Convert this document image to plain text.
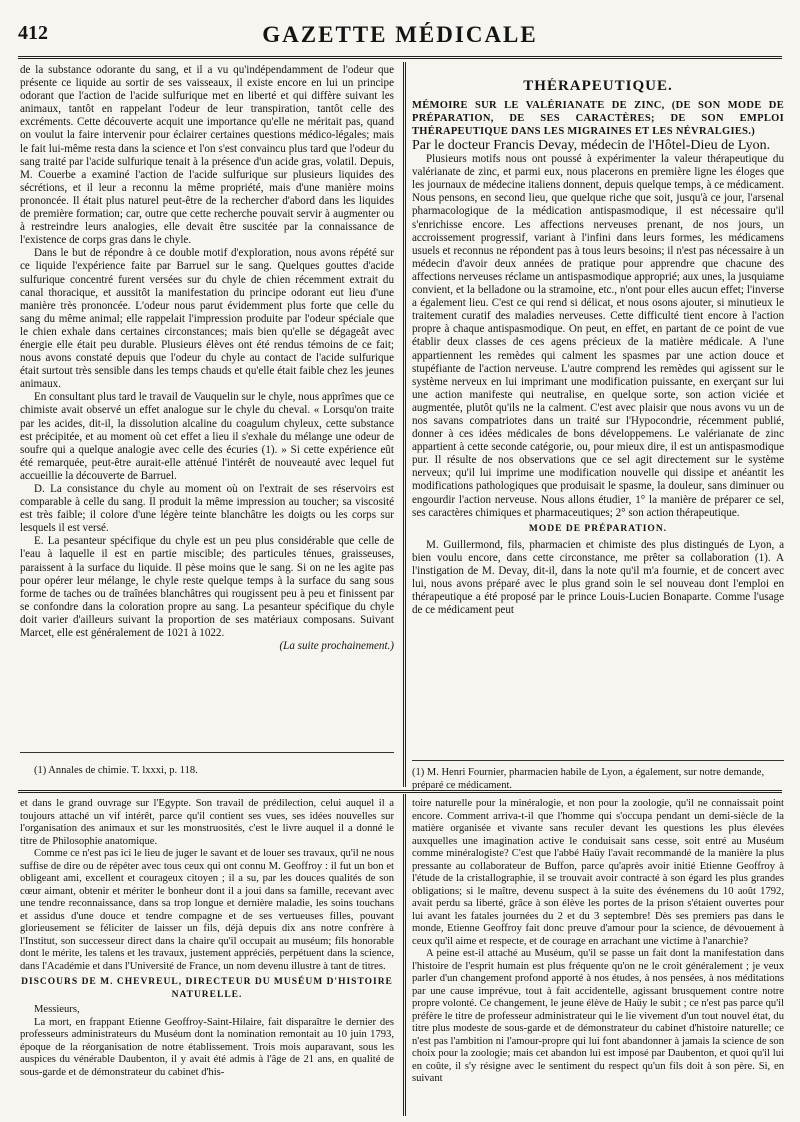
412	GAZETTE MÉDICALE

de la substance odorante du sang, et il a vu qu'indépendamment de l'odeur que présente ce liquide au sortir de ses vaisseaux, il existe encore en lui un principe odorant que l'action de l'acide sulfurique met en liberté et qui diffère suivant les animaux, tantôt en rappelant l'odeur de leur transpiration, tantôt celle des excréments. Cette découverte acquit une importance qu'elle ne méritait pas, quand on voulut la faire intervenir pour éclairer certaines questions médico-légales; mais le fait lui-même resta dans la science et l'on s'est convaincu plus tard que l'odeur du sang traité par l'acide sulfurique tenait à la présence d'un acide gras, volatil. Depuis, M. Couerbe a examiné l'action de l'acide sulfurique sur plusieurs liquides des sécrétions, et il leur a reconnu la même propriété, mais d'une manière moins prononcée. Il était plus naturel peut-être de la rechercher d'abord dans les liquides de première formation; car, outre que cette recherche pouvait servir à augmenter ou à restreindre leurs analogies, elle devait être suscitée par la connaissance de l'existence de corps gras dans le chyle.

Dans le but de répondre à ce double motif d'exploration, nous avons répété sur ce liquide l'expérience faite par Barruel sur le sang. Quelques gouttes d'acide sulfurique concentré furent versées sur du chyle de chien récemment extrait du canal thoracique, et aussitôt la manifestation du principe odorant eut lieu d'une manière très prononcée. L'odeur nous parut évidemment plus forte que celle du sang du même animal; elle rappelait l'impression produite par l'odeur spéciale que le chien exhale dans certaines circonstances; mais bien qu'elle se dégageât avec énergie elle était peu durable. Plusieurs élèves ont été rendus témoins de ce fait; nous avons constaté depuis que l'odeur du chyle au contact de l'acide sulfurique était surtout très sensible dans les temps chauds et qu'elle était faible chez les jeunes animaux.

En consultant plus tard le travail de Vauquelin sur le chyle, nous apprîmes que ce chimiste avait observé un effet analogue sur le chyle du cheval. « Lorsqu'on traite par les acides, dit-il, la dissolution alcaline du coagulum chyleux, cette substance est précipitée, et au moment où cet effet a lieu il s'exhale du mélange une odeur de soufre qui a quelque analogie avec celle des écuries (1). » Si cette expérience eût été remarquée, peut-être aurait-elle atténué l'intérêt de nouveauté avec lequel fut accueillie la découverte de Barruel.

D. La consistance du chyle au moment où on l'extrait de ses réservoirs est comparable à celle du sang. Il produit la même impression au toucher; sa viscosité est très faible; il colore d'une légère teinte blanchâtre les doigts ou les corps sur lesquels il est versé.

E. La pesanteur spécifique du chyle est un peu plus considérable que celle de l'eau à laquelle il est en partie miscible; des particules ténues, graisseuses, paraissent à la surface du liquide. Il pèse moins que le sang. Si on ne les agite pas pour opérer leur mélange, le chyle reste quelque temps à la surface du sang sous forme de taches ou de traînées blanchâtres qui rougissent peu à peu et finissent par se confondre dans la coloration propre au sang. La pesanteur spécifique du chyle doit varier d'ailleurs suivant la proportion de ses matériaux composans. Suivant Marcet, elle est généralement de 1021 à 1022.

(La suite prochainement.)

(1) Annales de chimie. T. lxxxi, p. 118.
THÉRAPEUTIQUE.

MÉMOIRE SUR LE VALÉRIANATE DE ZINC, (DE SON MODE DE PRÉPARATION, DE SES CARACTÈRES; DE SON EMPLOI THÉRAPEUTIQUE DANS LES MIGRAINES ET LES NÉVRALGIES.)

Par le docteur Francis Devay, médecin de l'Hôtel-Dieu de Lyon.

Plusieurs motifs nous ont poussé à expérimenter la valeur thérapeutique du valérianate de zinc, et parmi eux, nous placerons en première ligne les éloges que les journaux de médecine italiens donnent, depuis quelque temps, à ce médicament. Nous pensons, en second lieu, que quelque riche que soit, jusqu'à ce jour, l'arsenal pharmacologique de la médication antispasmodique, il est nécessaire qu'il s'enrichisse encore. Les affections nerveuses prenant, de nos jours, un accroissement progressif, variant à l'infini dans leurs formes, les médicamens usuels et reconnus ne répondent pas à tous leurs besoins; il n'est pas nécessaire à un médecin d'avoir deux années de pratique pour apprendre que chacune des affections nerveuses réclame un antispasmodique approprié; aux unes, la jusquiame convient, et la belladone ou la stramoine, etc., n'ont pour elles aucun effet; l'inverse a également lieu. C'est ce qui rend si délicat, et nous osons ajouter, si minutieux le traitement curatif des maladies nerveuses. Cette difficulté tient encore à l'action propre à chaque antispasmodique. On peut, en effet, en partant de ce point de vue établir deux classes de ces agens précieux de la matière médicale. A l'une appartiennent les remèdes qui calment les spasmes par une action douce et stupéfiante de l'action nerveuse. L'autre comprend les remèdes qui agissent sur le système nerveux en lui imprimant une modification puissante, en exerçant sur lui une action manifeste qui neutralise, en quelque sorte, son action viciée et augmentée, plutôt qu'ils ne la calment. C'est avec plaisir que nous avons vu un de nos savans compatriotes dans un traité sur l'Hypocondrie, récemment publié, donner à ces idées médicales de bons développemens. Le valérianate de zinc appartient à cette seconde catégorie, ou, pour mieux dire, il est un antispasmodique pur. Il résulte de nos observations que ce sel agit directement sur le système nerveux; qu'il lui imprime une modification nouvelle qui dissipe et anéantit les modifications pathologiques que produisait le spasme, la douleur, sans diminuer ou engourdir l'action nerveuse. Nous allons étudier, 1° la manière de préparer ce sel, ses caractères chimiques et pharmaceutiques; 2° son action thérapeutique.

MODE DE PRÉPARATION.

M. Guillermond, fils, pharmacien et chimiste des plus distingués de Lyon, a bien voulu encore, dans cette circonstance, me prêter sa collaboration (1). A l'instigation de M. Devay, dit-il, dans la note qu'il m'a fournie, et de concert avec lui, nous avons préparé avec le plus grand soin le sel nouveau dont l'emploi en thérapeutique a été proposé par le prince Louis-Lucien Bonaparte. Comme l'usage de ce médicament peut

(1) M. Henri Fournier, pharmacien habile de Lyon, a également, sur notre demande, préparé ce médicament.

et dans le grand ouvrage sur l'Égypte. Son travail de prédilection, celui auquel il a toujours attaché un vif intérêt, parce qu'il contient ses vues, ses idées nouvelles sur l'organisation des animaux et sur les monstruosités, c'est le livre auquel il a donné le titre de Philosophie anatomique.

Comme ce n'est pas ici le lieu de juger le savant et de louer ses travaux, qu'il ne nous suffise de dire ou de répéter avec tous ceux qui ont connu M. Geoffroy : il fut un bon et obligeant ami, excellent et courageux citoyen ; il a su, par les douces qualités de son cœur aimant, obtenir et mériter le bonheur dont il a joui dans sa famille, recevant avec une tendre reconnaissance, dans sa trop longue et dernière maladie, les soins touchans et assidus d'une douce et tendre compagne et de ses vertueuses filles, pouvant glorieusement se féliciter de laisser un fils, déjà depuis dix ans notre confrère à l'Institut, son successeur direct dans la chaire qu'il occupait au muséum; fils honorable dont le mérite, les talens et les travaux, justement appréciés, perpétuent dans la science, dans l'Académie et dans l'Université de France, un nom devenu illustre à tant de titres.

DISCOURS DE M. CHEVREUL, DIRECTEUR DU MUSÉUM D'HISTOIRE NATURELLE.

Messieurs,

La mort, en frappant Etienne Geoffroy-Saint-Hilaire, fait disparaître le dernier des professeurs administrateurs du Muséum dont la nomination remontait au 10 juin 1793, époque de la réorganisation de notre établissement. Trois mois auparavant, sous les auspices du vénérable Daubenton, il y avait été admis à l'âge de 21 ans, en qualité de sous-garde et de démonstrateur du cabinet d'his-

toire naturelle pour la minéralogie, et non pour la zoologie, qu'il ne connaissait point encore. Comment arriva-t-il que l'homme qui s'occupa pendant un demi-siècle de la matière organisée et vivante sans reculer devant les questions les plus élevées auxquelles une imagination active le conduisait sans cesse, soit entré au Muséum comme minéralogiste? C'est que l'abbé Haüy l'avait recommandé de la manière la plus pressante au collaborateur de Buffon, parce qu'après avoir initié Etienne Geoffroy à l'étude de la cristallographie, il se trouvait avoir contracté à son égard les plus grandes obligations; si le maître, devenu suspect à la suite des événemens du 10 août 1792, avait perdu sa liberté, grâce à son élève les portes de la prison s'étaient ouvertes pour lui avant les fatales journées du 2 et du 3 septembre! Dès ses premiers pas dans le monde, Etienne Geoffroy fait donc preuve d'amour pour la science, de dévouement à ceux qu'il aime et respecte, et de courage en arrachant une victime à l'anarchie?

A peine est-il attaché au Muséum, qu'il se passe un fait dont la manifestation dans l'histoire de l'esprit humain est plus fréquente qu'on ne le croit généralement ; je veux parler d'un changement profond apporté à nos études, à nos pensées, à nos méditations par une cause imprévue, tout à fait accidentelle, agissant brusquement contre notre propre volonté. Ce changement, le jeune élève de Haüy le subit ; ce n'est pas parce qu'il préfère le titre de professeur administrateur qui le lie vivement d'un tout nouvel état, du titre plus modeste de sous-garde et de démonstrateur du cabinet d'histoire naturelle; ce n'est pas l'ambition ni l'amour-propre qui lui font abandonner à jamais la science de son choix pour la zoologie; mais cet abandon lui est imposé par Daubenton, et quoi qu'il lui en coûte, il s'y résigne avec le sentiment du respect qu'un fils doit à son père. Si, en suivant
